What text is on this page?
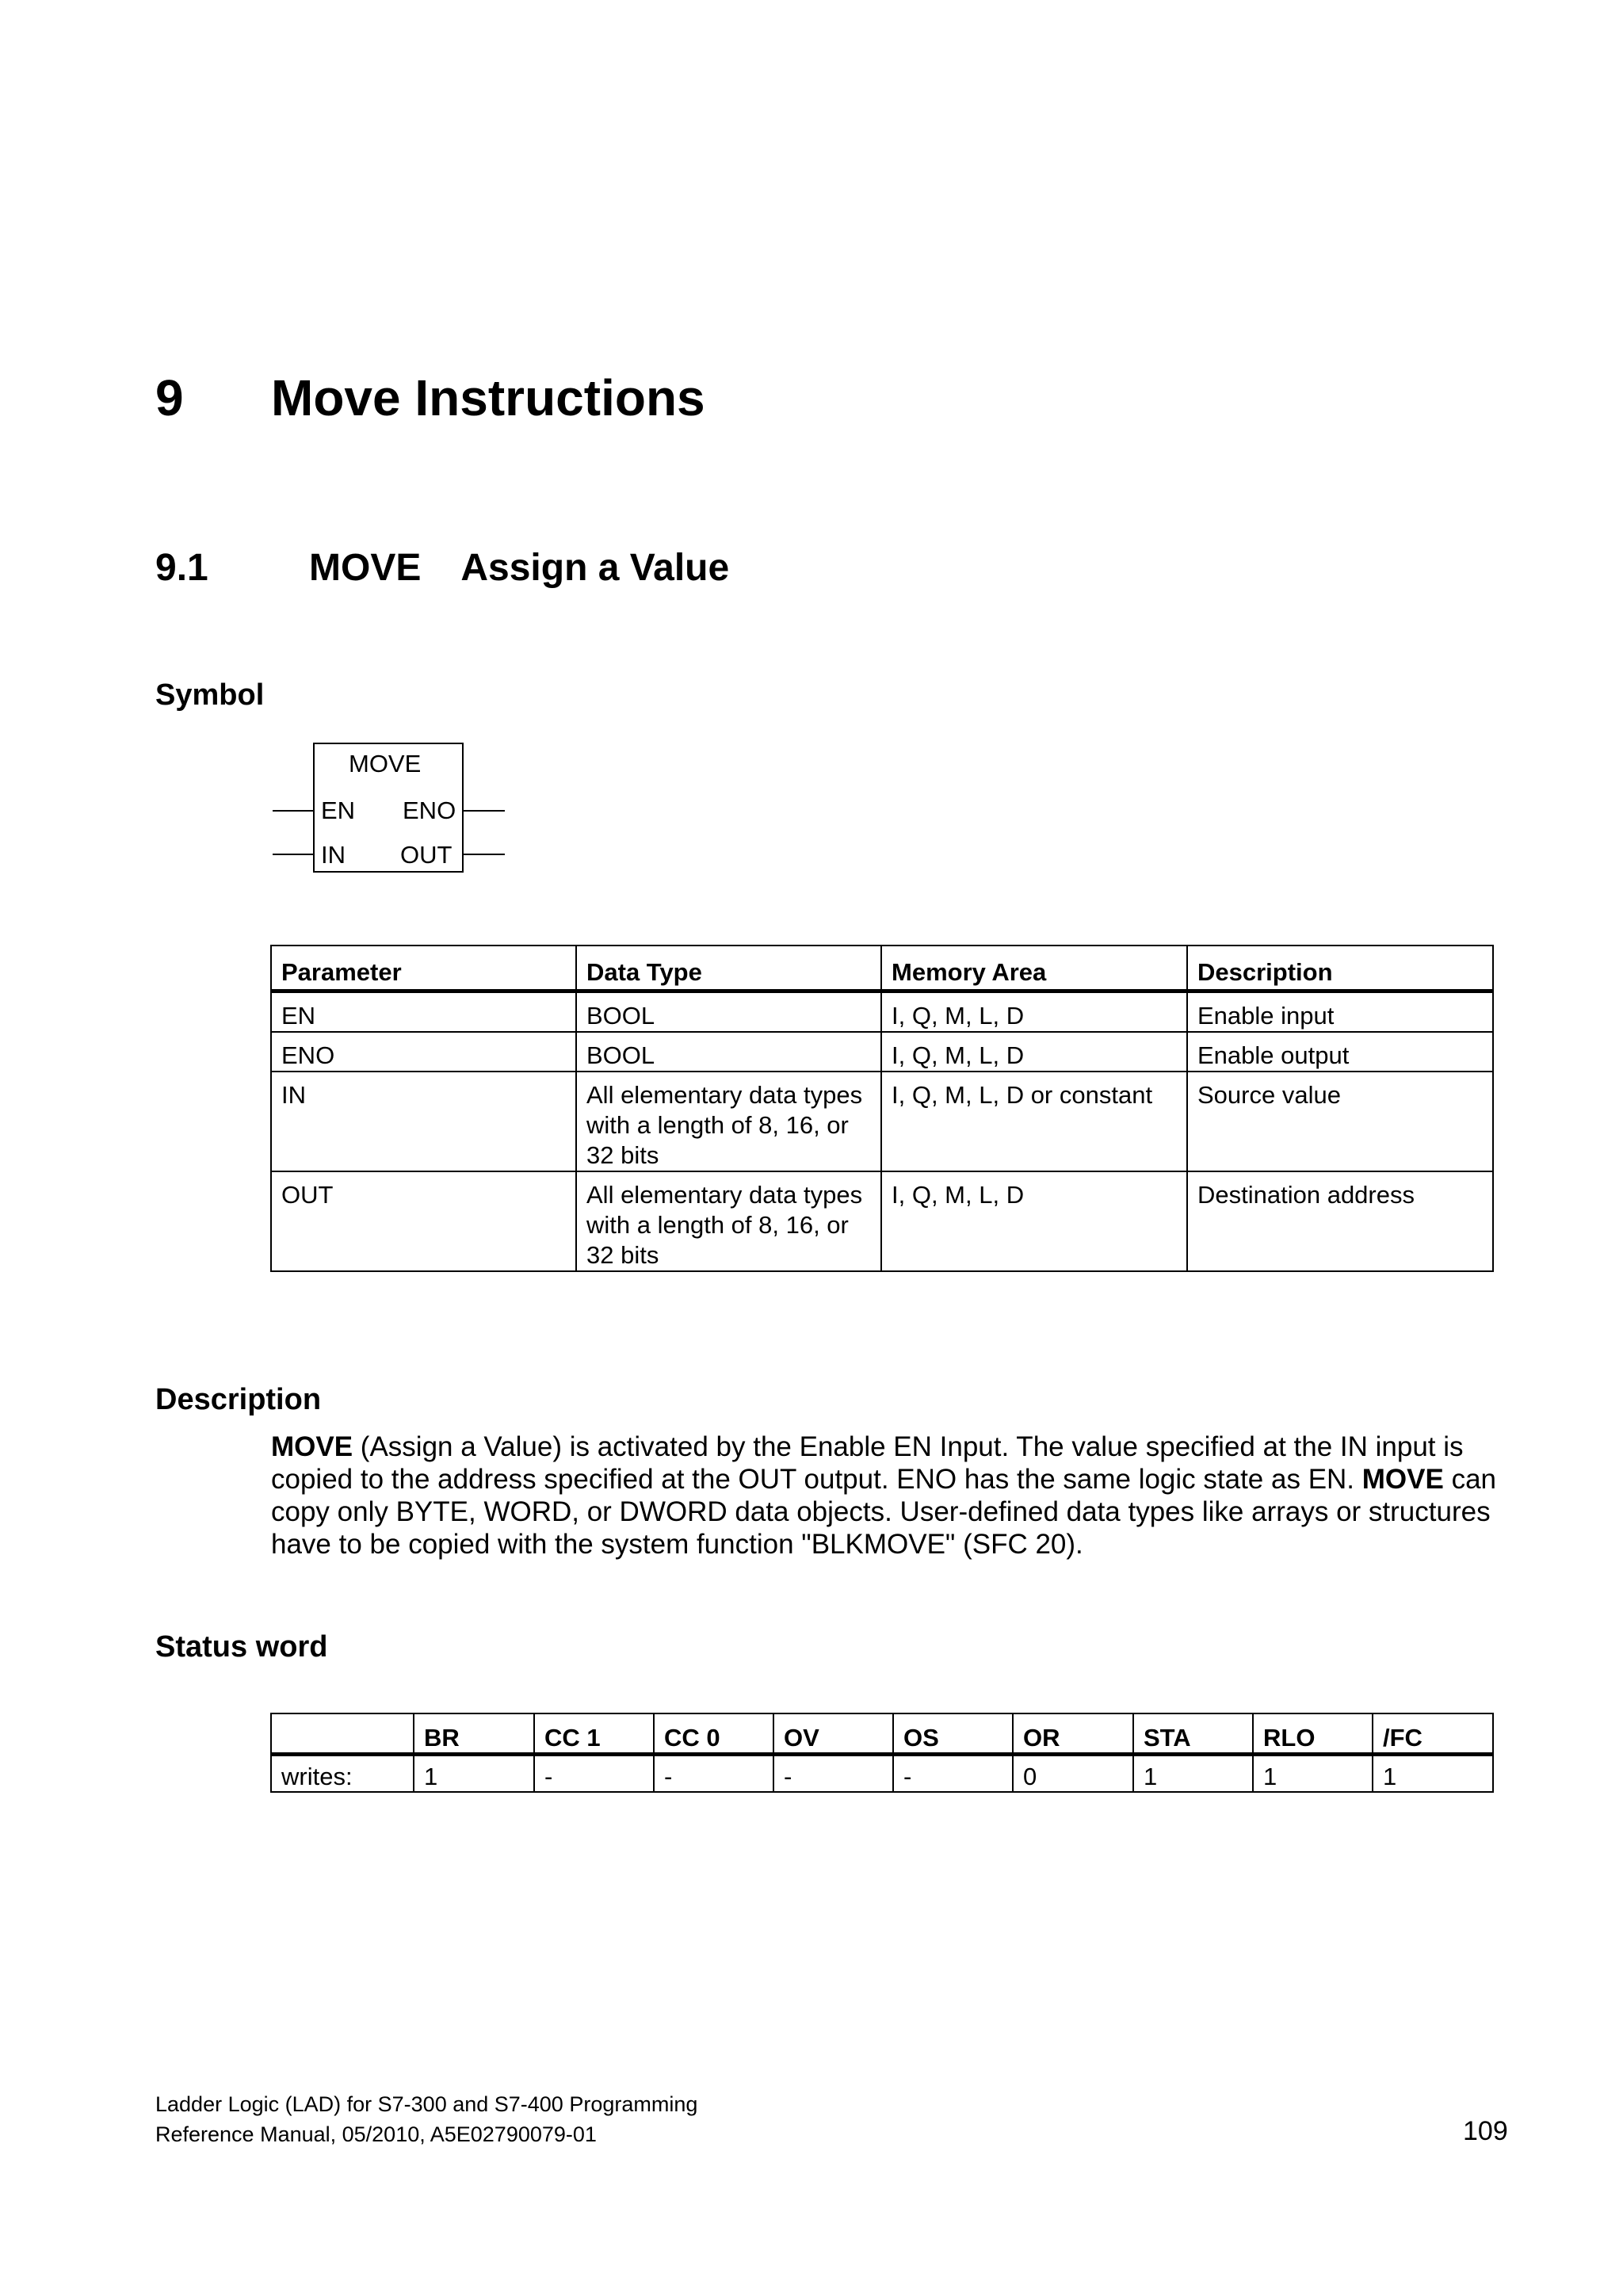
9 Move Instructions
9.1	MOVE Assign a Value
Symbol
MOVE
EN ENO
IN OUT
Parameter	Data Type	Memory Area	Description
EN	BOOL	I, Q, M, L, D	Enable input
ENO	BOOL	I, Q, M, L, D	Enable output
IN	All elementary data types with a length of 8, 16, or 32 bits	I, Q, M, L, D or constant	Source value
OUT	All elementary data types with a length of 8, 16, or 32 bits	I, Q, M, L, D	Destination address
Description
MOVE (Assign a Value) is activated by the Enable EN Input. The value specified at the IN input is copied to the address specified at the OUT output. ENO has the same logic state as EN. MOVE can copy only BYTE, WORD, or DWORD data objects. User-defined data types like arrays or structures have to be copied with the system function "BLKMOVE" (SFC 20).
Status word
	BR	CC 1	CC 0	OV	OS	OR	STA	RLO	/FC
writes:	1	-	-	-	-	0	1	1	1
Ladder Logic (LAD) for S7-300 and S7-400 Programming
Reference Manual, 05/2010, A5E02790079-01	109
